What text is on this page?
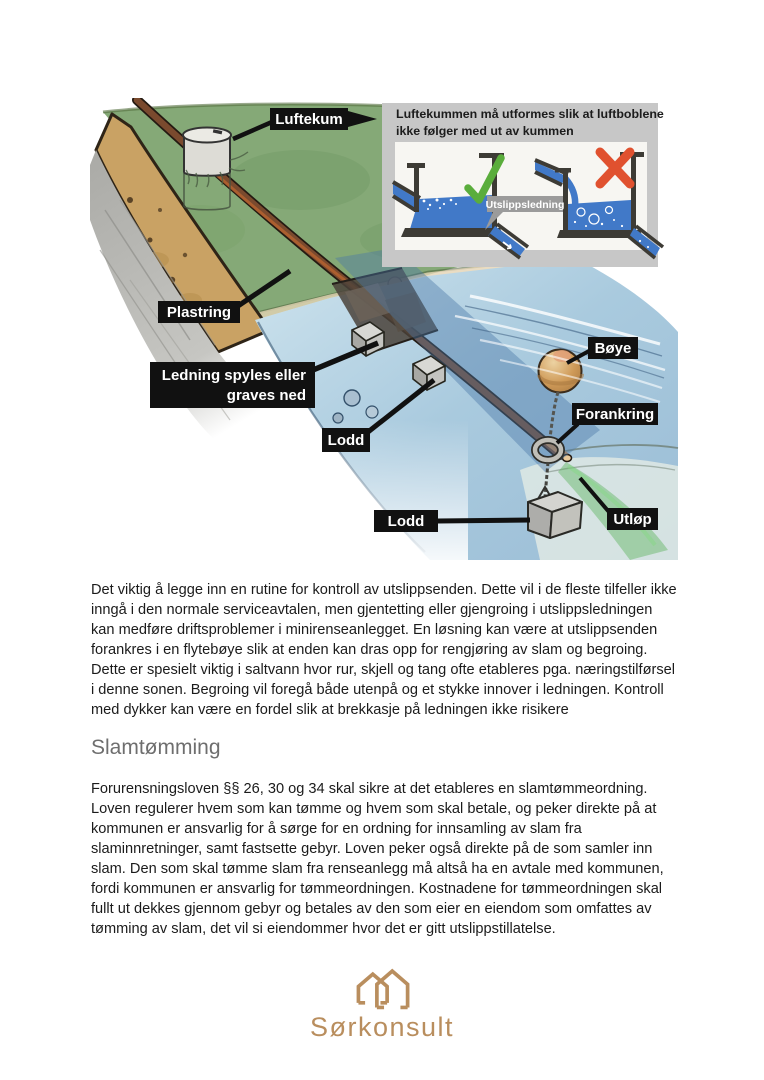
Luftekummen må utformes slik at luftboblene
ikke følger med ut av kummen
Utslippsledning
Luftekum
Plastring
Ledning spyles eller
graves ned
Lodd
Bøye
Forankring
Lodd	Utløp
Det viktig å legge inn en rutine for kontroll av utslippsenden. Dette vil i de fleste tilfeller ikke inngå i den normale serviceavtalen, men gjentetting eller gjengroing i utslippsledningen kan medføre driftsproblemer i minirenseanlegget. En løsning kan være at utslippsenden forankres i en flytebøye slik at enden kan dras opp for rengjøring av slam og begroing. Dette er spesielt viktig i saltvann hvor rur, skjell og tang ofte etableres pga. næringstilførsel i denne sonen. Begroing vil foregå både utenpå og et stykke innover i ledningen. Kontroll med dykker kan være en fordel slik at brekkasje på ledningen ikke risikere
Slamtømming
Forurensningsloven §§ 26, 30 og 34 skal sikre at det etableres en slamtømmeordning. Loven regulerer hvem som kan tømme og hvem som skal betale, og peker direkte på at kommunen er ansvarlig for å sørge for en ordning for innsamling av slam fra slaminnretninger, samt fastsette gebyr. Loven peker også direkte på de som samler inn slam. Den som skal tømme slam fra renseanlegg må altså ha en avtale med kommunen, fordi kommunen er ansvarlig for tømmeordningen. Kostnadene for tømmeordningen skal fullt ut dekkes gjennom gebyr og betales av den som eier en eiendom som omfattes av tømming av slam, det vil si eiendommer hvor det er gitt utslippstillatelse.
Sørkonsult
